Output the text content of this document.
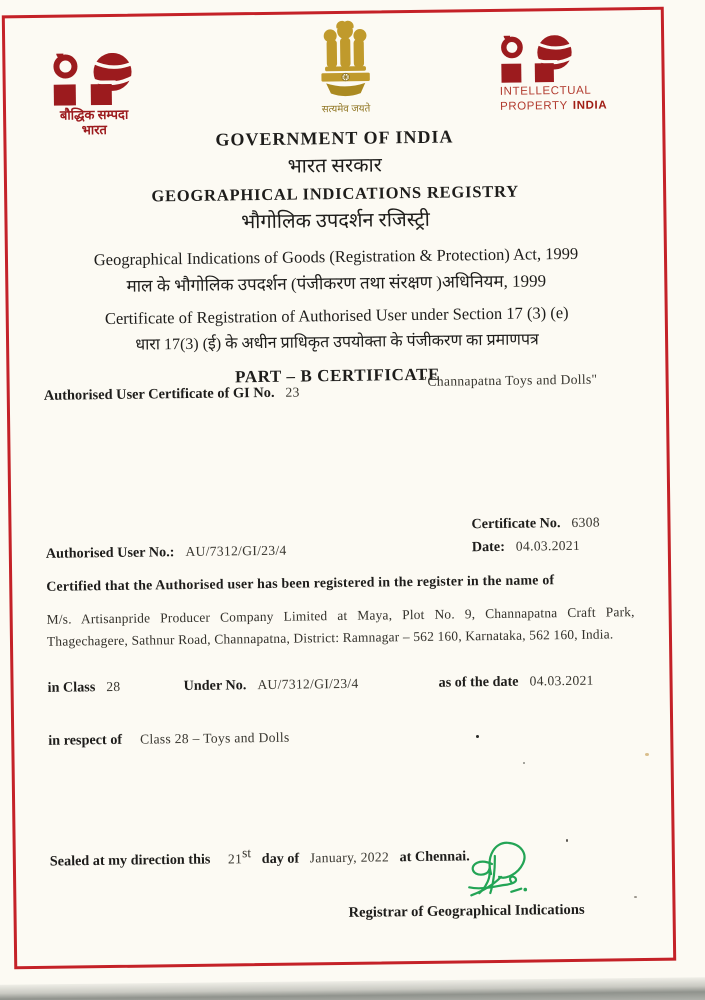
बौद्धिक सम्पदा
भारत
सत्यमेव जयते
INTELLECTUAL
PROPERTY INDIA
GOVERNMENT OF INDIA
भारत सरकार
GEOGRAPHICAL INDICATIONS REGISTRY
भौगोलिक उपदर्शन रजिस्ट्री
Geographical Indications of Goods (Registration & Protection) Act, 1999
माल के भौगोलिक उपदर्शन (पंजीकरण तथा संरक्षण )अधिनियम, 1999
Certificate of Registration of Authorised User under Section 17 (3) (e)
धारा 17(3) (ई) के अधीन प्राधिकृत उपयोक्ता के पंजीकरण का प्रमाणपत्र
PART – B CERTIFICATE
Authorised User Certificate of GI No. 23
"Channapatna Toys and Dolls"
Certificate No. 6308
Date: 04.03.2021
Authorised User No.: AU/7312/GI/23/4
Certified that the Authorised user has been registered in the register in the name of
M/s. Artisanpride Producer Company Limited at Maya, Plot No. 9, Channapatna Craft Park, Thagechagere, Sathnur Road, Channapatna, District: Ramnagar – 562 160, Karnataka, 562 160, India.
in Class 28	Under No. AU/7312/GI/23/4	as of the date 04.03.2021
in respect of Class 28 – Toys and Dolls
Sealed at my direction this 21st day of January, 2022 at Chennai.
Registrar of Geographical Indications
